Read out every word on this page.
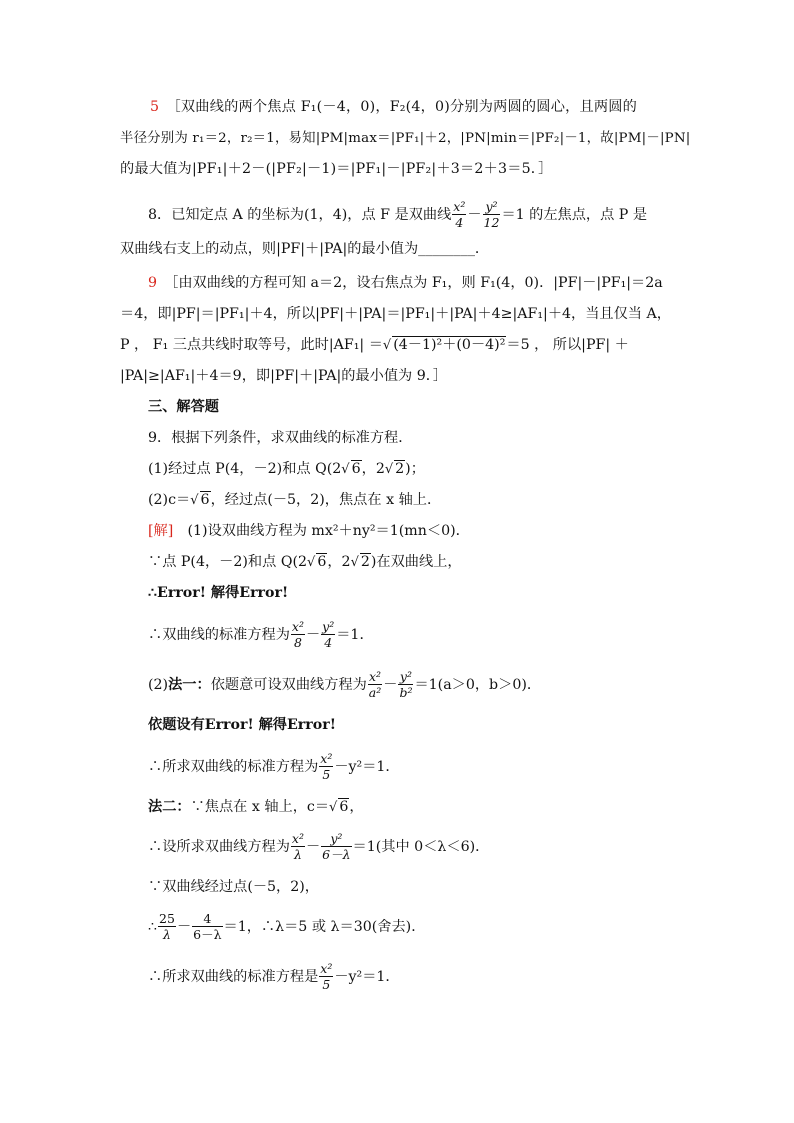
5　 ［双曲线的两个焦点 F₁(－4，0)，F₂(4，0)分别为两圆的圆心，且两圆的
半径分别为 r₁＝2，r₂＝1，易知|PM|max＝|PF₁|＋2，|PN|min＝|PF₂|－1，故|PM|－|PN|
的最大值为|PF₁|＋2－(|PF₂|－1)＝|PF₁|－|PF₂|＋3＝2＋3＝5．］
8．已知定点 A 的坐标为(1，4)，点 F 是双曲线 $\frac{\text{x²}}{4} - \frac{\text{y²}}{12} =1$ 的左焦点，点 P 是
双曲线右支上的动点，则|PF|＋|PA|的最小值为________．
9　 ［由双曲线的方程可知 a＝2，设右焦点为 F₁，则 F₁(4，0)．|PF|－|PF₁|＝2a
＝4，即|PF|＝|PF₁|＋4，所以|PF|＋|PA|＝|PF₁|＋|PA|＋4≥|AF₁|＋4，当且仅当 A，
P ， F₁ 三点共线时取等号，此时|AF₁| ＝√ (4－1)²＋(0－4)²＝5 ， 所以|PF| ＋
|PA|≥|AF₁|＋4＝9，即|PF|＋|PA|的最小值为 9．］
三、解答题
9．根据下列条件，求双曲线的标准方程．
(1)经过点 P(4，－2)和点 Q(2√ 6，2√ 2)；
(2)c＝√ 6，经过点(－5，2)，焦点在 x 轴上．
[解]　 (1)设双曲线方程为 mx²＋ny²＝1(mn＜0)．
∵点 P(4，－2)和点 Q(2√ 6，2√ 2)在双曲线上，
∴Error! 解得Error!
∴双曲线的标准方程为 $\frac{\text{x²}}{8} - \frac{\text{y²}}{4} =1$．
(2)法一：依题意可设双曲线方程为 $\frac{\text{x²}}{\text{a²}} - \frac{\text{y²}}{\text{b²}} =1(a>0$，b＞0)．
依题设有Error! 解得Error!
∴所求双曲线的标准方程为 $\frac{\text{x²}}{5} -y^2=1$．
法二：∵焦点在 x 轴上，c＝√ 6，
∴设所求双曲线方程为 $\frac{\text{x²}}{\lambda} - \frac{\text{y²}}{6-\lambda} =1$(其中 0＜λ＜6)．
∵双曲线经过点(－5，2)，
∴ $\frac{25}{\lambda} - \frac{4}{6-\lambda} =1$，∴λ＝5 或 λ＝30(舍去)．
∴所求双曲线的标准方程是 $\frac{\text{x²}}{5} -y^2=1$．
